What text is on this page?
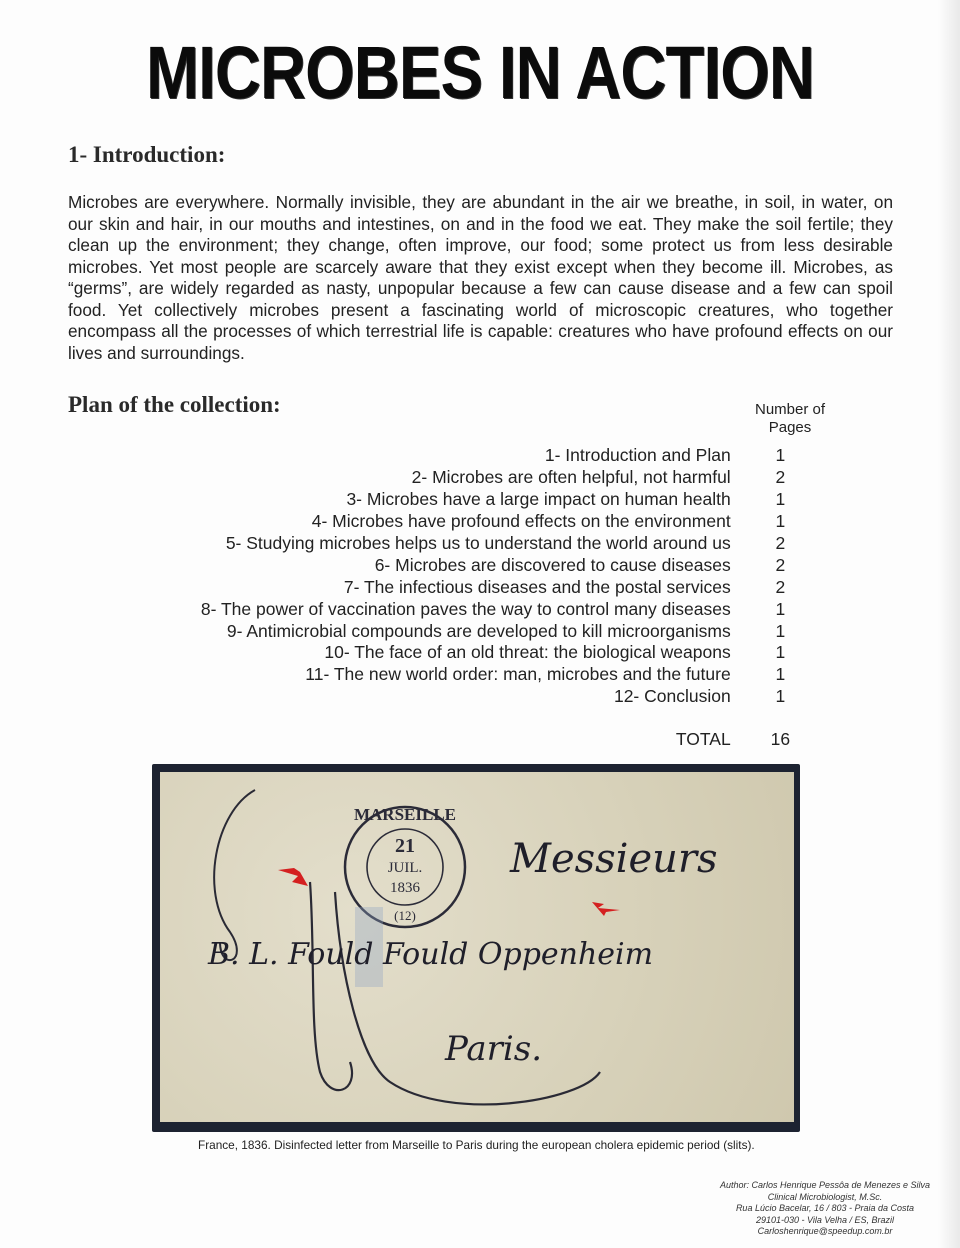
MICROBES IN ACTION
1- Introduction:
Microbes are everywhere. Normally invisible, they are abundant in the air we breathe, in soil, in water, on our skin and hair, in our mouths and intestines, on and in the food we eat. They make the soil fertile; they clean up the environment; they change, often improve, our food; some protect us from less desirable microbes. Yet most people are scarcely aware that they exist except when they become ill. Microbes, as “germs”, are widely regarded as nasty, unpopular because a few can cause disease and a few can spoil food. Yet collectively microbes present a fascinating world of microscopic creatures, who together encompass all the processes of which terrestrial life is capable: creatures who have profound effects on our lives and surroundings.
Plan of the collection:	Number of
Pages
1- Introduction and Plan	1
2- Microbes are often helpful, not harmful	2
3- Microbes have a large impact on human health	1
4- Microbes have profound effects on the environment	1
5- Studying microbes helps us to understand the world around us	2
6- Microbes are discovered to cause diseases	2
7- The infectious diseases and the postal services	2
8- The power of vaccination paves the way to control many diseases	1
9- Antimicrobial compounds are developed to kill microorganisms	1
10- The face of an old threat: the biological weapons	1
11- The new world order: man, microbes and the future	1
12- Conclusion	1
TOTAL	16
MARSEILLE
21
JUIL.
1836
(12)
Messieurs
B. L. Fould Fould Oppenheim
Paris.
France, 1836. Disinfected letter from Marseille to Paris during the european cholera epidemic period (slits).
Author: Carlos Henrique Pessôa de Menezes e Silva
Clinical Microbiologist, M.Sc.
Rua Lúcio Bacelar, 16 / 803 - Praia da Costa
29101-030 - Vila Velha / ES, Brazil
Carloshenrique@speedup.com.br
